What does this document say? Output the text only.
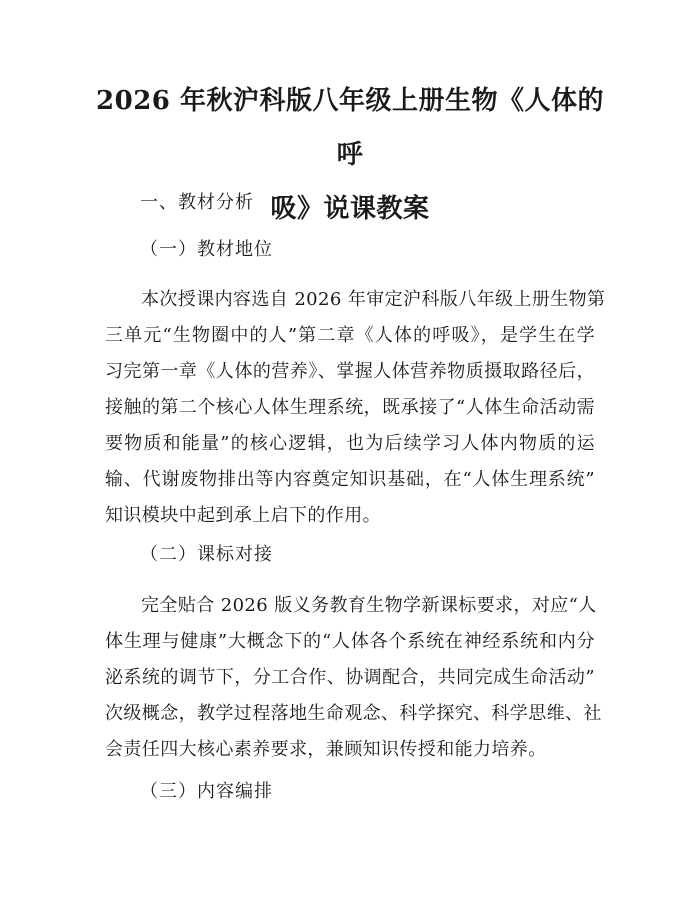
2026 年秋沪科版八年级上册生物《人体的呼
吸》说课教案

一、教材分析

（一）教材地位

本次授课内容选自 2026 年审定沪科版八年级上册生物第
三单元“生物圈中的人”第二章《人体的呼吸》，是学生在学
习完第一章《人体的营养》、掌握人体营养物质摄取路径后，
接触的第二个核心人体生理系统，既承接了“人体生命活动需
要物质和能量”的核心逻辑，也为后续学习人体内物质的运
输、代谢废物排出等内容奠定知识基础，在“人体生理系统”
知识模块中起到承上启下的作用。

（二）课标对接

完全贴合 2026 版义务教育生物学新课标要求，对应“人
体生理与健康”大概念下的“人体各个系统在神经系统和内分
泌系统的调节下，分工合作、协调配合，共同完成生命活动”
次级概念，教学过程落地生命观念、科学探究、科学思维、社
会责任四大核心素养要求，兼顾知识传授和能力培养。

（三）内容编排
